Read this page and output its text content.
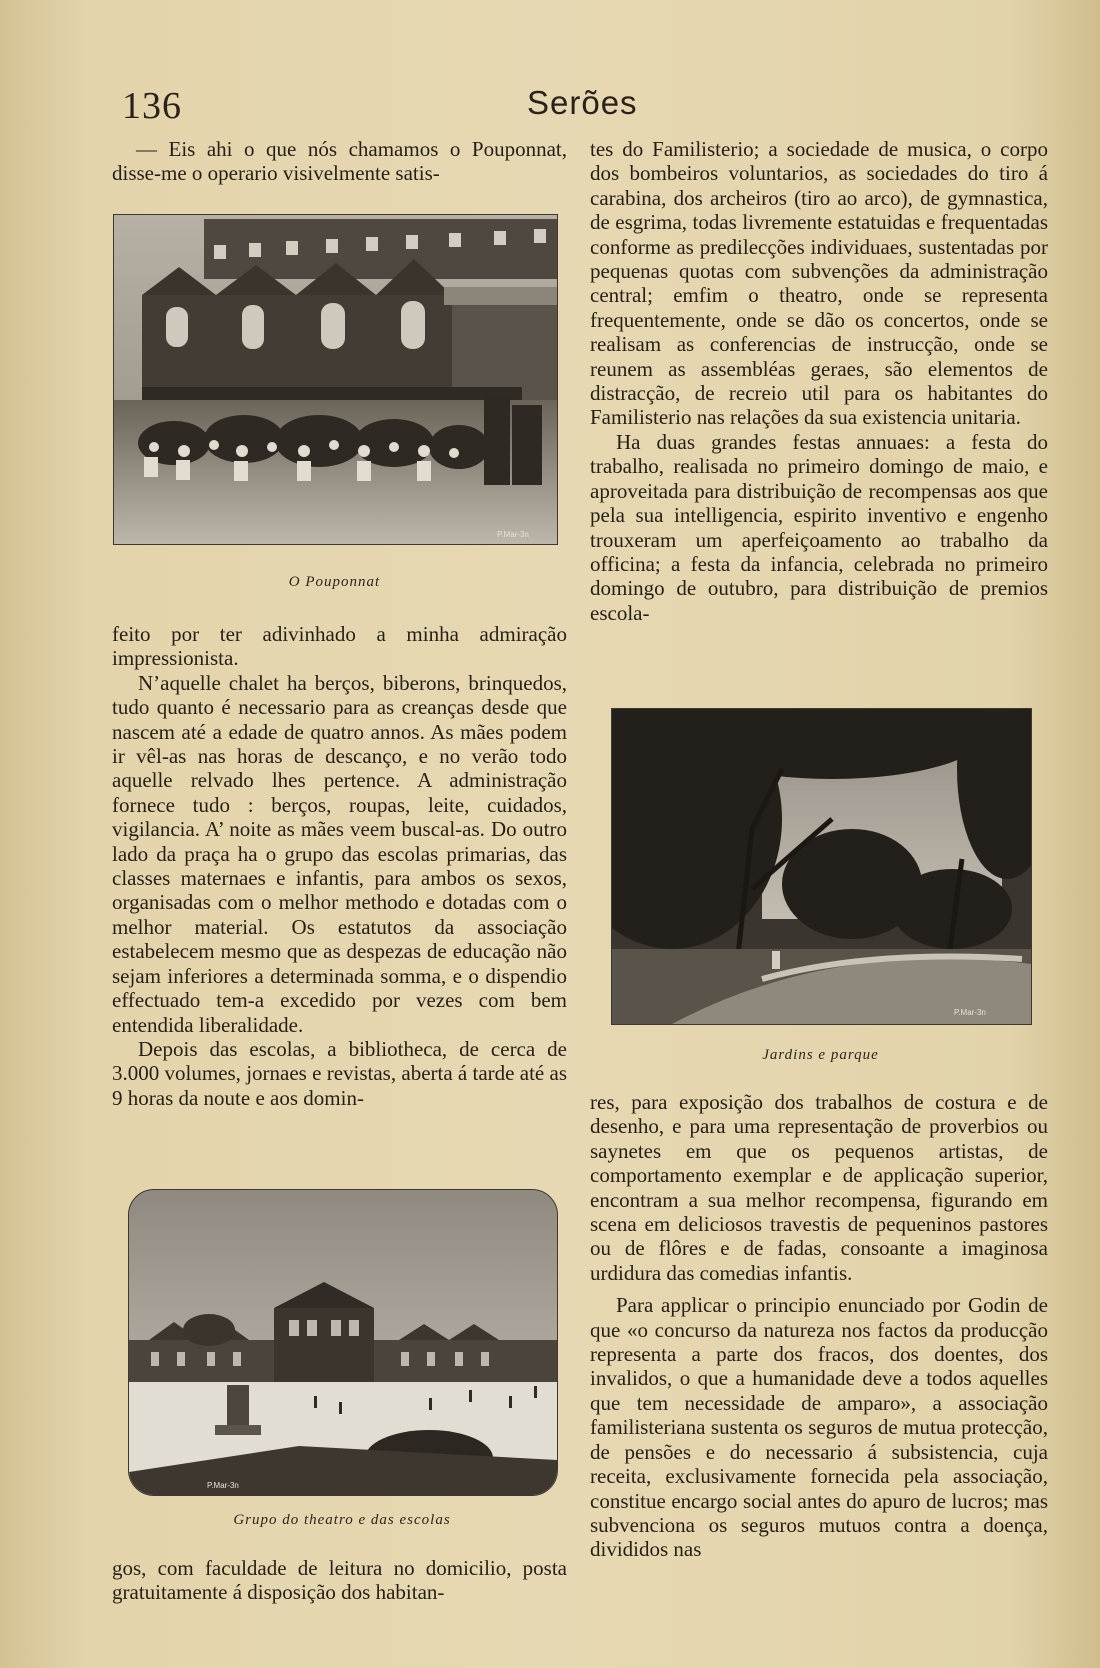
136	Serões

— Eis ahi o que nós chamamos o Pouponnat, disse-me o operario visivelmente satis-

P.Mar-3n
O Pouponnat

feito por ter adivinhado a minha admiração impressionista.

N’aquelle chalet ha berços, biberons, brinquedos, tudo quanto é necessario para as creanças desde que nascem até a edade de quatro annos. As mães podem ir vêl-as nas horas de descanço, e no verão todo aquelle relvado lhes pertence. A administração fornece tudo : berços, roupas, leite, cuidados, vigilancia. A’ noite as mães veem buscal-as. Do outro lado da praça ha o grupo das escolas primarias, das classes maternaes e infantis, para ambos os sexos, organisadas com o melhor methodo e dotadas com o melhor material. Os estatutos da associação estabelecem mesmo que as despezas de educação não sejam inferiores a determinada somma, e o dispendio effectuado tem-a excedido por vezes com bem entendida liberalidade.

Depois das escolas, a bibliotheca, de cerca de 3.000 volumes, jornaes e revistas, aberta á tarde até as 9 horas da noute e aos domin-

P.Mar-3n
Grupo do theatro e das escolas

gos, com faculdade de leitura no domicilio, posta gratuitamente á disposição dos habitan-

tes do Familisterio; a sociedade de musica, o corpo dos bombeiros voluntarios, as sociedades do tiro á carabina, dos archeiros (tiro ao arco), de gymnastica, de esgrima, todas livremente estatuidas e frequentadas conforme as predilecções individuaes, sustentadas por pequenas quotas com subvenções da administração central; emfim o theatro, onde se representa frequentemente, onde se dão os concertos, onde se realisam as conferencias de instrucção, onde se reunem as assembléas geraes, são elementos de distracção, de recreio util para os habitantes do Familisterio nas relações da sua existencia unitaria.

Ha duas grandes festas annuaes: a festa do trabalho, realisada no primeiro domingo de maio, e aproveitada para distribuição de recompensas aos que pela sua intelligencia, espirito inventivo e engenho trouxeram um aperfeiçoamento ao trabalho da officina; a festa da infancia, celebrada no primeiro domingo de outubro, para distribuição de premios escola-

P.Mar-3n
Jardins e parque

res, para exposição dos trabalhos de costura e de desenho, e para uma representação de proverbios ou saynetes em que os pequenos artistas, de comportamento exemplar e de applicação superior, encontram a sua melhor recompensa, figurando em scena em deliciosos travestis de pequeninos pastores ou de flôres e de fadas, consoante a imaginosa urdidura das comedias infantis.

Para applicar o principio enunciado por Godin de que «o concurso da natureza nos factos da producção representa a parte dos fracos, dos doentes, dos invalidos, o que a humanidade deve a todos aquelles que tem necessidade de amparo», a associação familisteriana sustenta os seguros de mutua protecção, de pensões e do necessario á subsistencia, cuja receita, exclusivamente fornecida pela associação, constitue encargo social antes do apuro de lucros; mas subvenciona os seguros mutuos contra a doença, divididos nas
